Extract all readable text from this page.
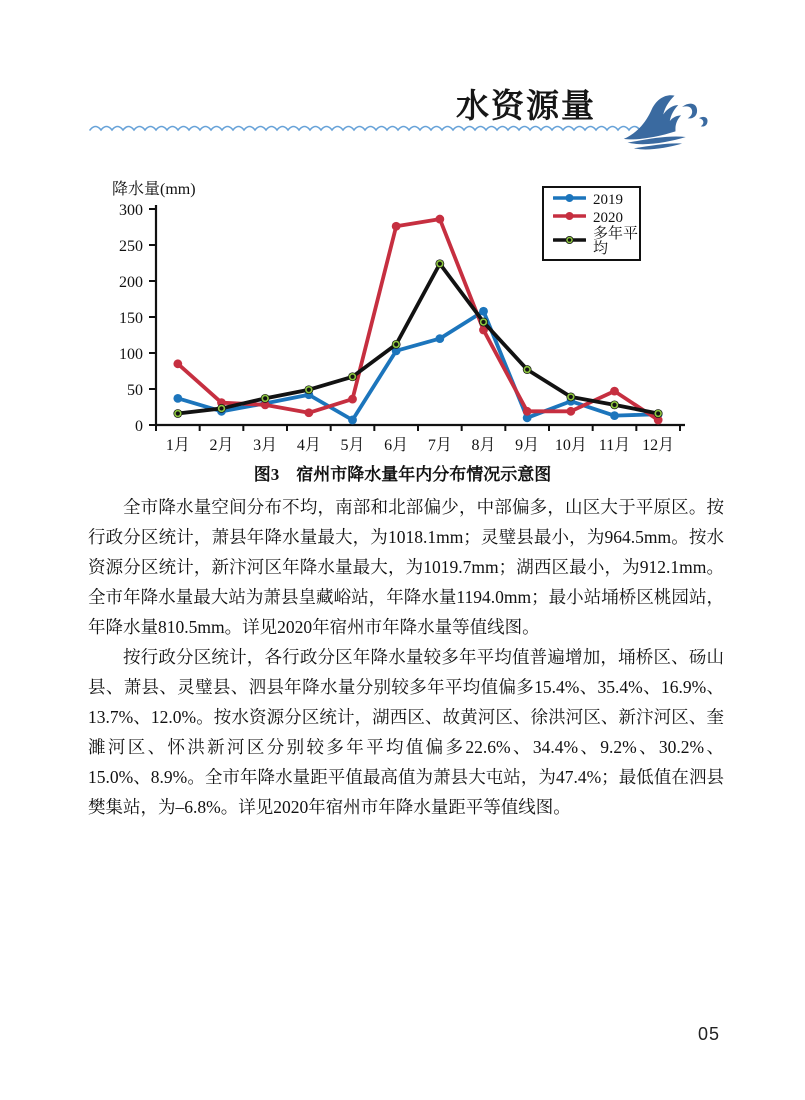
水资源量
降水量(mm)
0
50
100
150
200
250
300
1月 2月 3月 4月 5月 6月 7月 8月 9月 10月 11月 12月
2019
2020
多年平均
图3　宿州市降水量年内分布情况示意图

全市降水量空间分布不均，南部和北部偏少，中部偏多，山区大于平原区。按行政分区统计，萧县年降水量最大，为1018.1mm；灵璧县最小，为964.5mm。按水资源分区统计，新汴河区年降水量最大，为1019.7mm；湖西区最小，为912.1mm。全市年降水量最大站为萧县皇藏峪站，年降水量1194.0mm；最小站埇桥区桃园站，年降水量810.5mm。详见2020年宿州市年降水量等值线图。

按行政分区统计，各行政分区年降水量较多年平均值普遍增加，埇桥区、砀山县、萧县、灵璧县、泗县年降水量分别较多年平均值偏多15.4%、35.4%、16.9%、13.7%、12.0%。按水资源分区统计，湖西区、故黄河区、徐洪河区、新汴河区、奎濉河区、怀洪新河区分别较多年平均值偏多22.6%、34.4%、9.2%、30.2%、15.0%、8.9%。全市年降水量距平值最高值为萧县大屯站，为47.4%；最低值在泗县樊集站，为–6.8%。详见2020年宿州市年降水量距平等值线图。

05
